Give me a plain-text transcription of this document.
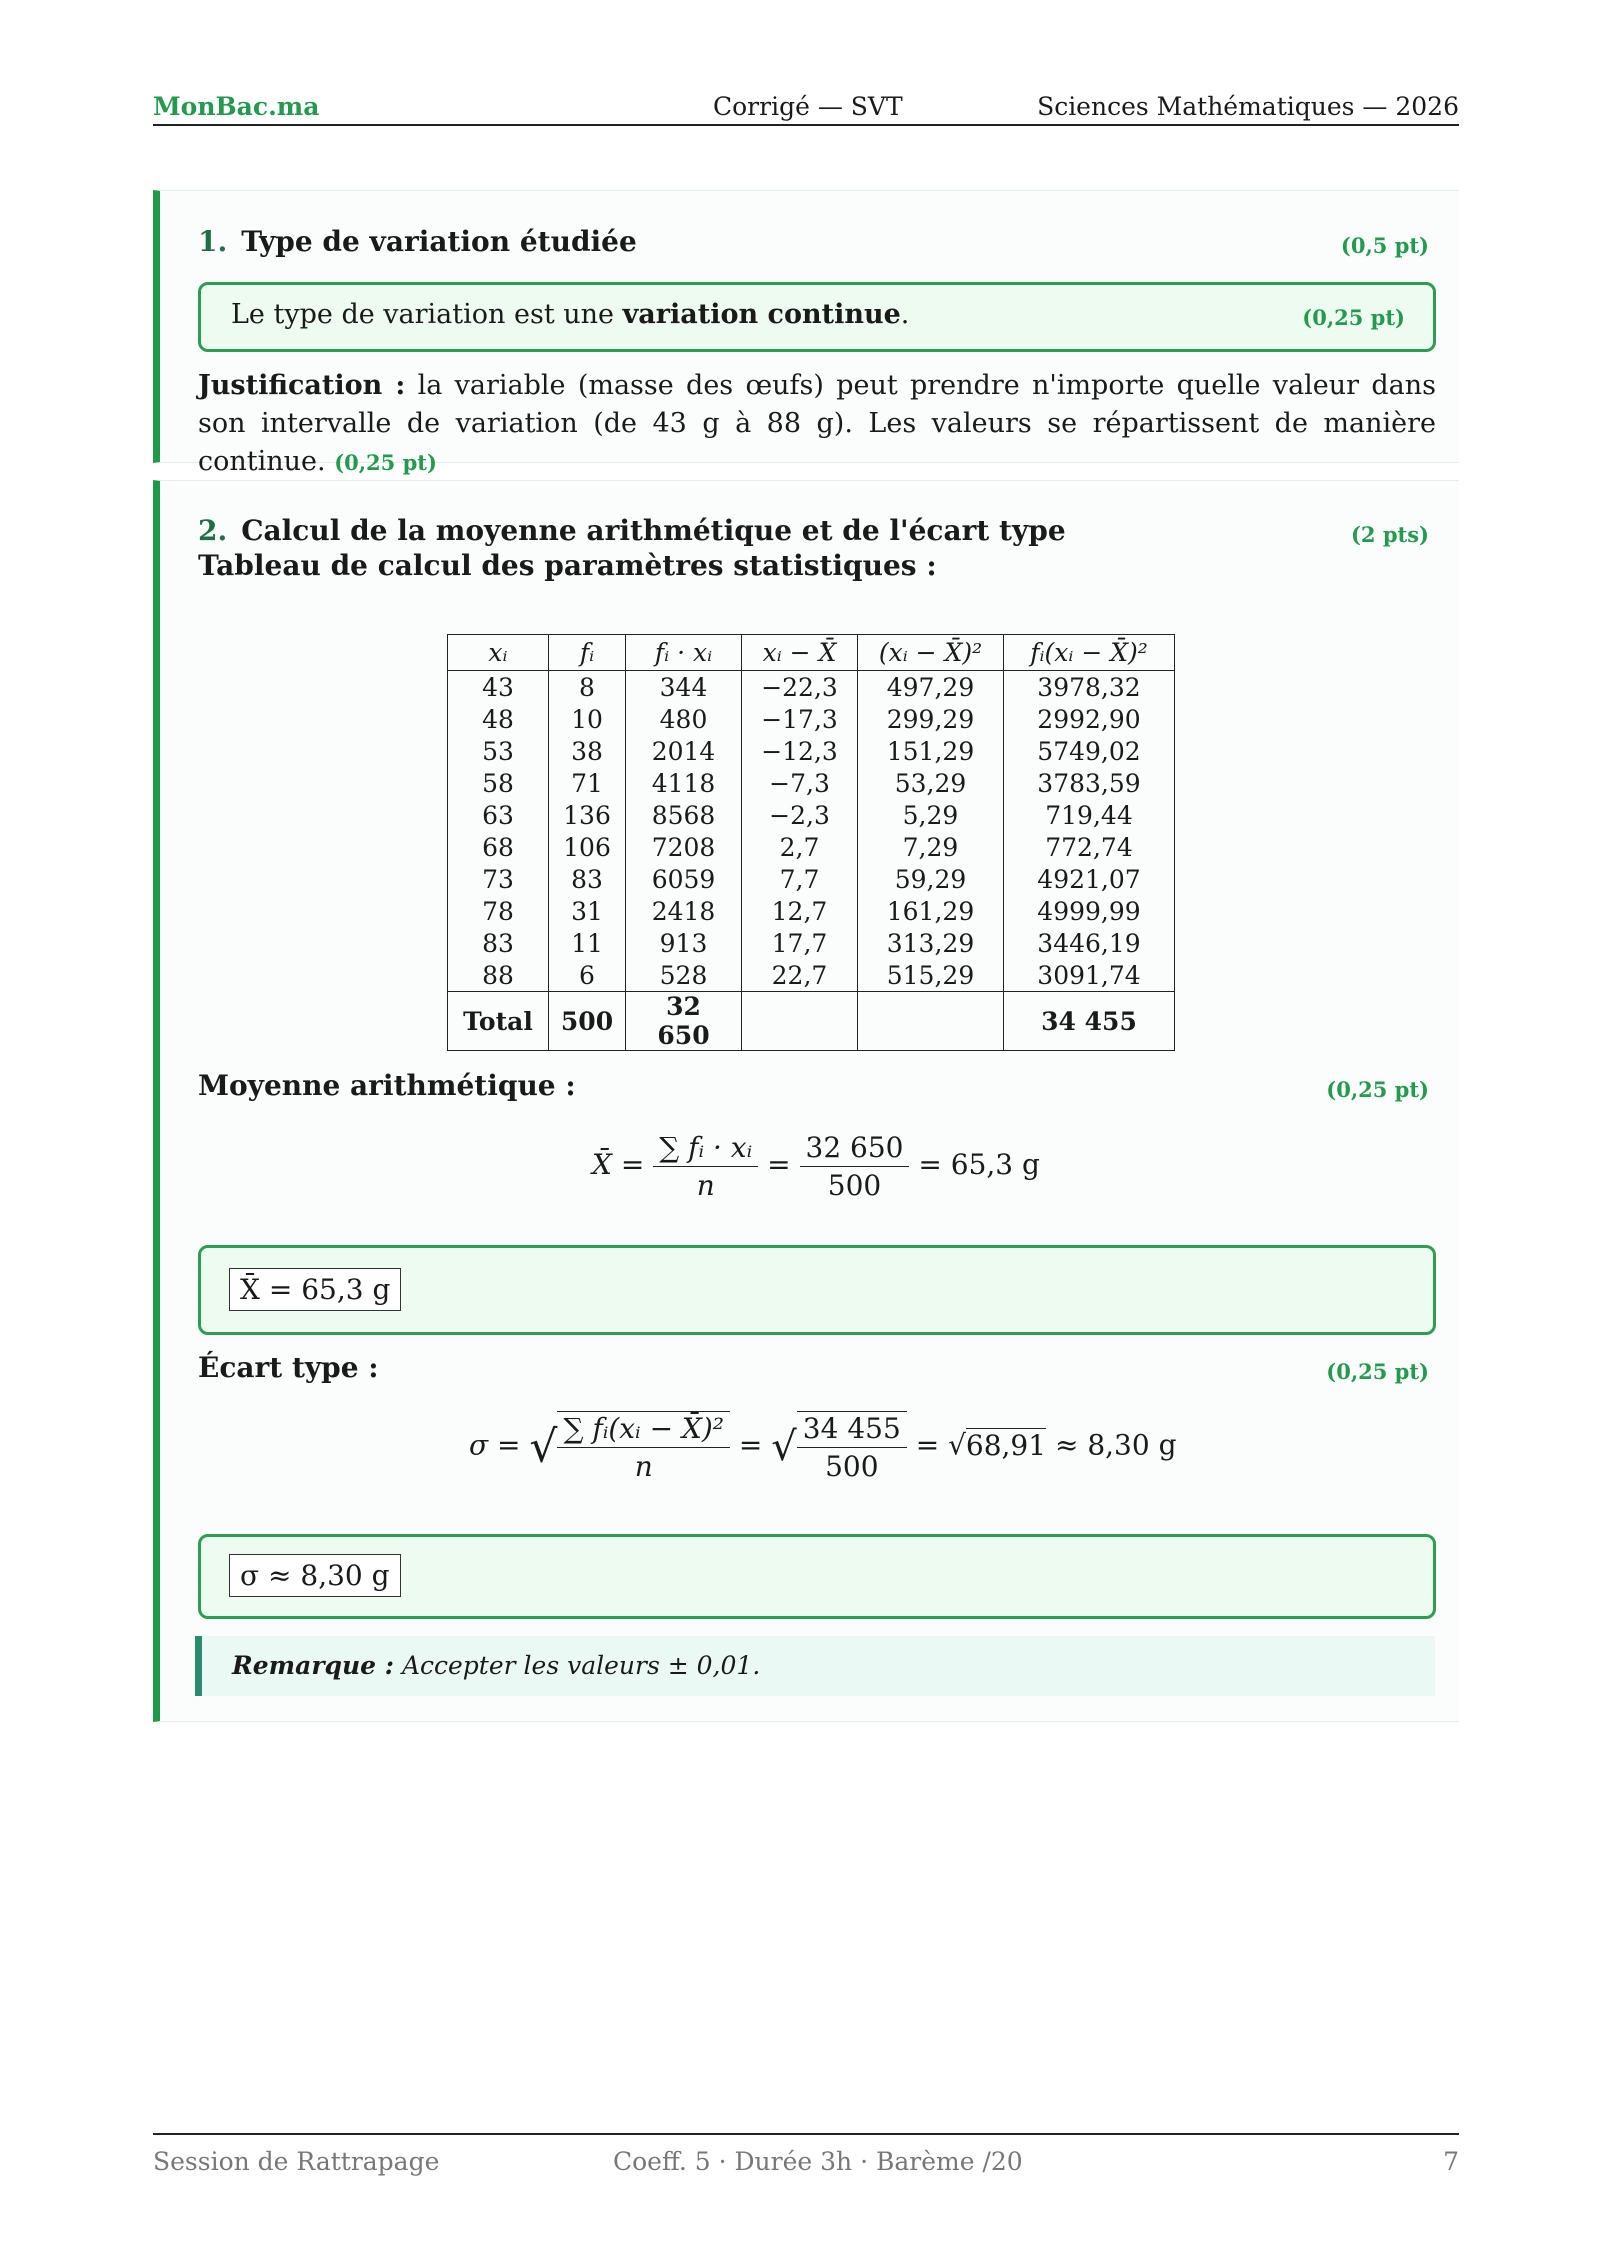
MonBac.ma	Corrigé — SVT	Sciences Mathématiques — 2026
1. Type de variation étudiée	(0,5 pt)
Le type de variation est une variation continue.	(0,25 pt)
Justification : la variable (masse des œufs) peut prendre n'importe quelle valeur dans son intervalle de variation (de 43 g à 88 g). Les valeurs se répartissent de manière continue. (0,25 pt)
2. Calcul de la moyenne arithmétique et de l'écart type	(2 pts)
Tableau de calcul des paramètres statistiques :
xᵢ	fᵢ	fᵢ · xᵢ	xᵢ − X̄	(xᵢ − X̄)²	fᵢ(xᵢ − X̄)²
43	8	344	−22,3	497,29	3978,32
48	10	480	−17,3	299,29	2992,90
53	38	2014	−12,3	151,29	5749,02
58	71	4118	−7,3	53,29	3783,59
63	136	8568	−2,3	5,29	719,44
68	106	7208	2,7	7,29	772,74
73	83	6059	7,7	59,29	4921,07
78	31	2418	12,7	161,29	4999,99
83	11	913	17,7	313,29	3446,19
88	6	528	22,7	515,29	3091,74
Total	500	32 650			34 455
Moyenne arithmétique :	(0,25 pt)
X̄ = $\frac{\text{∑ fᵢ · xᵢ}}{n} = \frac{32 650}{500} = 65,3$ g
X̄ = 65,3 g
Écart type :	(0,25 pt)
σ = √ $\frac{\text{∑ fᵢ(xᵢ − X̄)²}}{n}$ = √ $\frac{34 455}{500} = √68,91 \approx 8,30$ g
σ ≈ 8,30 g
Remarque : Accepter les valeurs ± 0,01.
Session de Rattrapage	Coeff. 5 · Durée 3h · Barème /20	7
